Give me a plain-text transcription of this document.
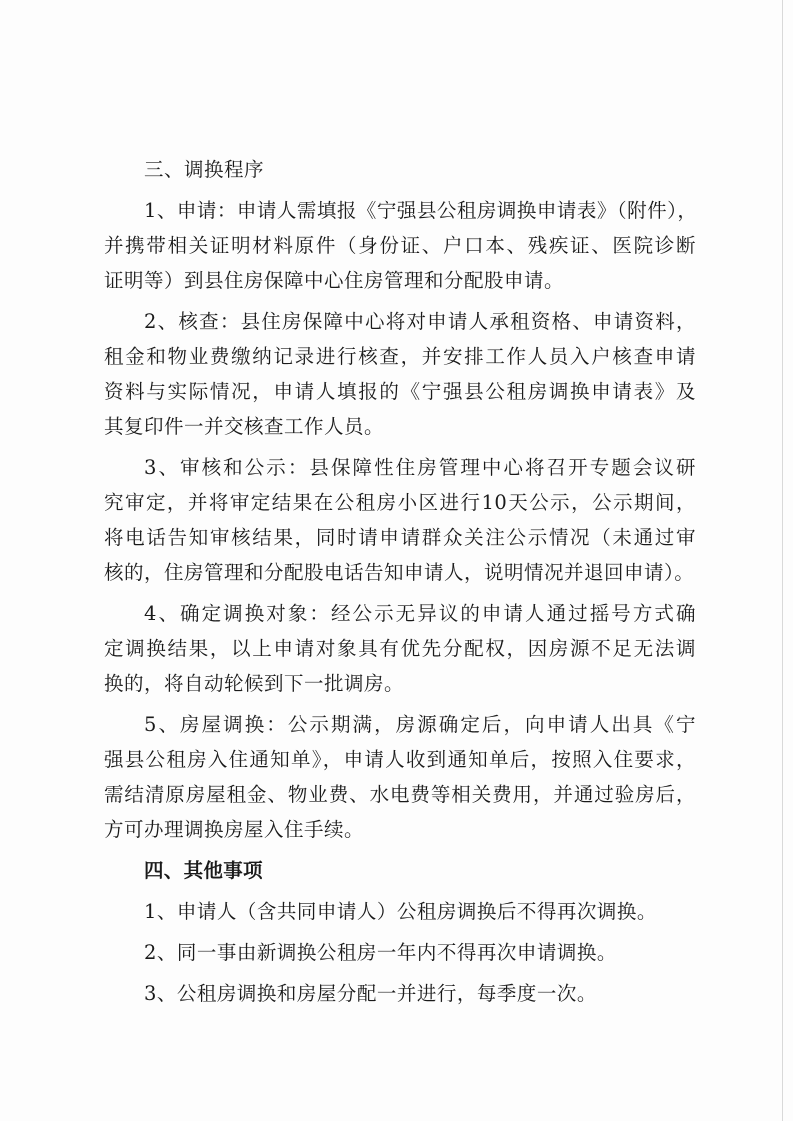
三、调换程序
1、申请：申请人需填报《宁强县公租房调换申请表》（附件），
并携带相关证明材料原件（身份证、户口本、残疾证、医院诊断
证明等）到县住房保障中心住房管理和分配股申请。
2、核查：县住房保障中心将对申请人承租资格、申请资料，
租金和物业费缴纳记录进行核查，并安排工作人员入户核查申请
资料与实际情况，申请人填报的《宁强县公租房调换申请表》及
其复印件一并交核查工作人员。
3、审核和公示：县保障性住房管理中心将召开专题会议研
究审定，并将审定结果在公租房小区进行10天公示，公示期间，
将电话告知审核结果，同时请申请群众关注公示情况（未通过审
核的，住房管理和分配股电话告知申请人，说明情况并退回申请）。
4、确定调换对象：经公示无异议的申请人通过摇号方式确
定调换结果，以上申请对象具有优先分配权，因房源不足无法调
换的，将自动轮候到下一批调房。
5、房屋调换：公示期满，房源确定后，向申请人出具《宁
强县公租房入住通知单》，申请人收到通知单后，按照入住要求，
需结清原房屋租金、物业费、水电费等相关费用，并通过验房后，
方可办理调换房屋入住手续。
四、其他事项
1、申请人（含共同申请人）公租房调换后不得再次调换。
2、同一事由新调换公租房一年内不得再次申请调换。
3、公租房调换和房屋分配一并进行，每季度一次。
